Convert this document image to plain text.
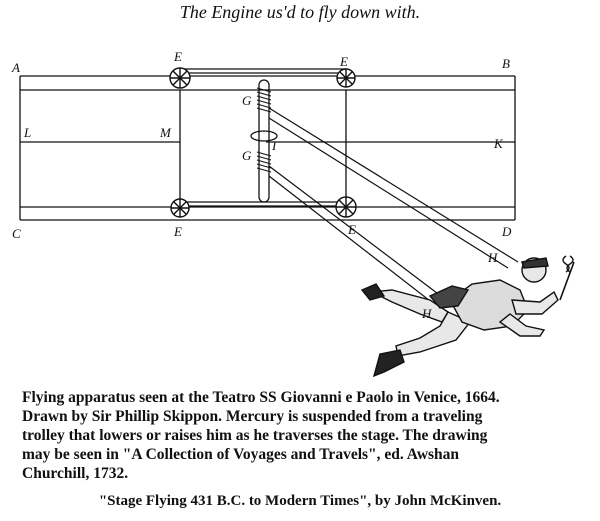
The Engine us'd to fly down with.
A	B
C	D
E	E
E	E
G
G
I	K
L	M
H
H
Flying apparatus seen at the Teatro SS Giovanni e Paolo in Venice, 1664.
Drawn by Sir Phillip Skippon. Mercury is suspended from a traveling
trolley that lowers or raises him as he traverses the stage. The drawing
may be seen in "A Collection of Voyages and Travels", ed. Awshan
Churchill, 1732.
"Stage Flying 431 B.C. to Modern Times", by John McKinven.
